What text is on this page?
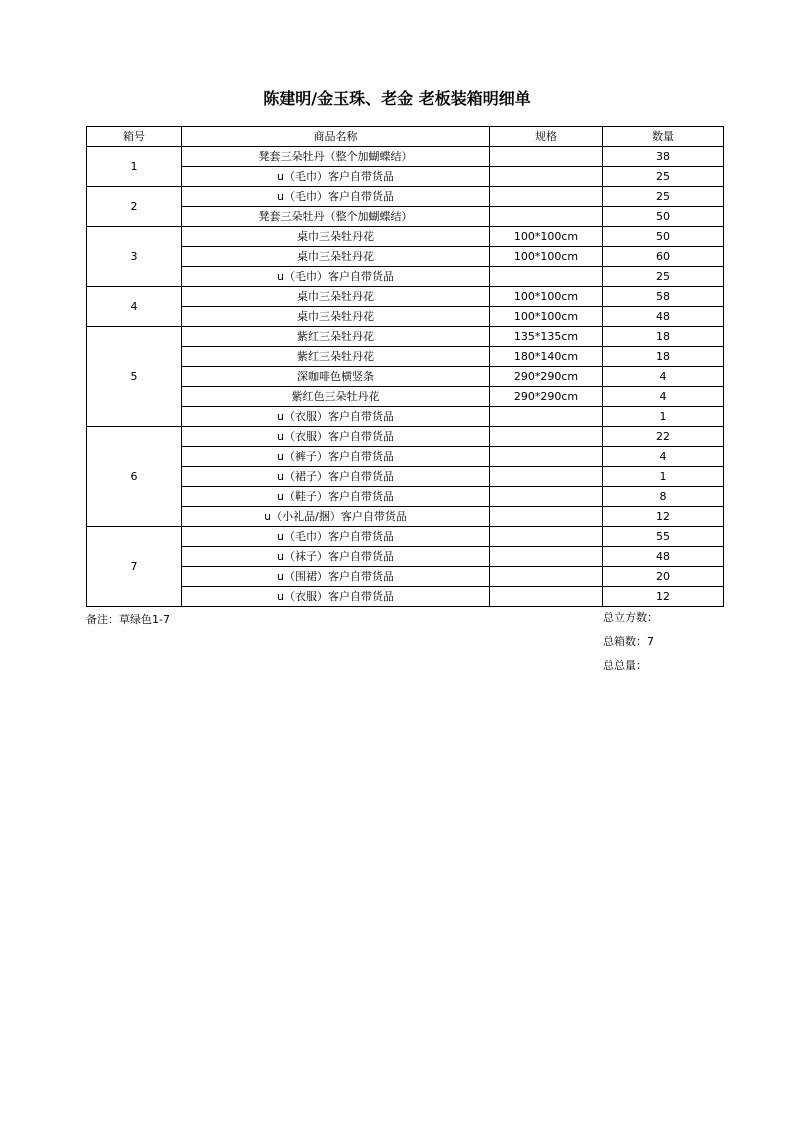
陈建明/金玉珠、老金 老板装箱明细单
箱号	商品名称	规格	数量
1	凳套三朵牡丹（整个加蝴蝶结）		38
	u（毛巾）客户自带货品		25
2	u（毛巾）客户自带货品		25
	凳套三朵牡丹（整个加蝴蝶结）		50
3	桌巾三朵牡丹花	100*100cm	50
	桌巾三朵牡丹花	100*100cm	60
	u（毛巾）客户自带货品		25
4	桌巾三朵牡丹花	100*100cm	58
	桌巾三朵牡丹花	100*100cm	48
5	紫红三朵牡丹花	135*135cm	18
	紫红三朵牡丹花	180*140cm	18
	深咖啡色横竖条	290*290cm	4
	紫红色三朵牡丹花	290*290cm	4
	u（衣服）客户自带货品		1
6	u（衣服）客户自带货品		22
	u（裤子）客户自带货品		4
	u（裙子）客户自带货品		1
	u（鞋子）客户自带货品		8
	u（小礼品/捆）客户自带货品		12
7	u（毛巾）客户自带货品		55
	u（袜子）客户自带货品		48
	u（围裙）客户自带货品		20
	u（衣服）客户自带货品		12
备注：草绿色1-7	总立方数：
总箱数：7
总总量：
